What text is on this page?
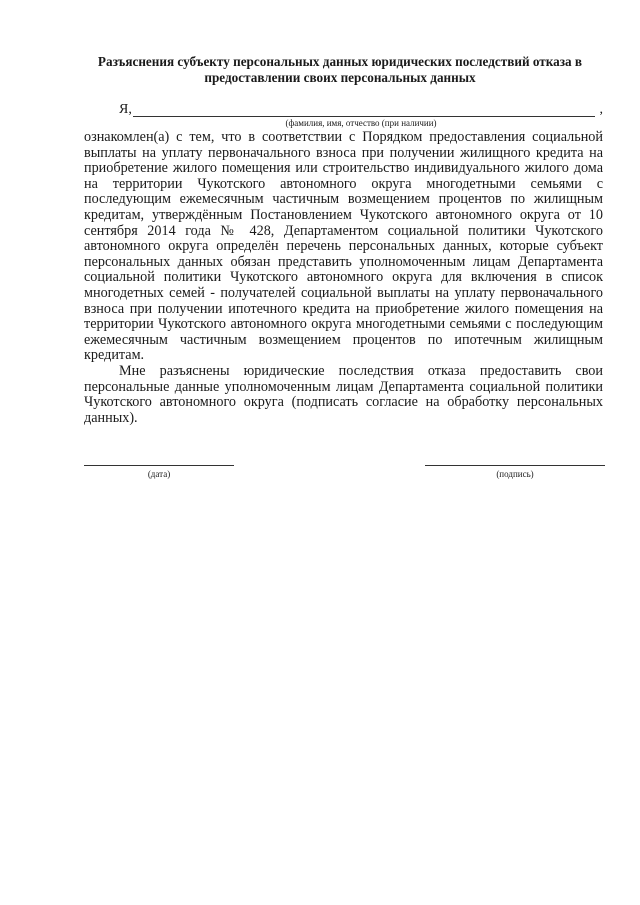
Разъяснения субъекту персональных данных юридических последствий отказа в предоставлении своих персональных данных
Я,	,
(фамилия, имя, отчество (при наличии)

ознакомлен(а) с тем, что в соответствии с Порядком предоставления социальной выплаты на уплату первоначального взноса при получении жилищного кредита на приобретение жилого помещения или строительство индивидуального жилого дома на территории Чукотского автономного округа многодетными семьями с последующим ежемесячным частичным возмещением процентов по жилищным кредитам, утверждённым Постановлением Чукотского автономного округа от 10 сентября 2014 года № 428, Департаментом социальной политики Чукотского автономного округа определён перечень персональных данных, которые субъект персональных данных обязан представить уполномоченным лицам Департамента социальной политики Чукотского автономного округа для включения в список многодетных семей - получателей социальной выплаты на уплату первоначального взноса при получении ипотечного кредита на приобретение жилого помещения на территории Чукотского автономного округа многодетными семьями с последующим ежемесячным частичным возмещением процентов по ипотечным жилищным кредитам.

Мне разъяснены юридические последствия отказа предоставить свои персональные данные уполномоченным лицам Департамента социальной политики Чукотского автономного округа (подписать согласие на обработку персональных данных).

(дата)	(подпись)
